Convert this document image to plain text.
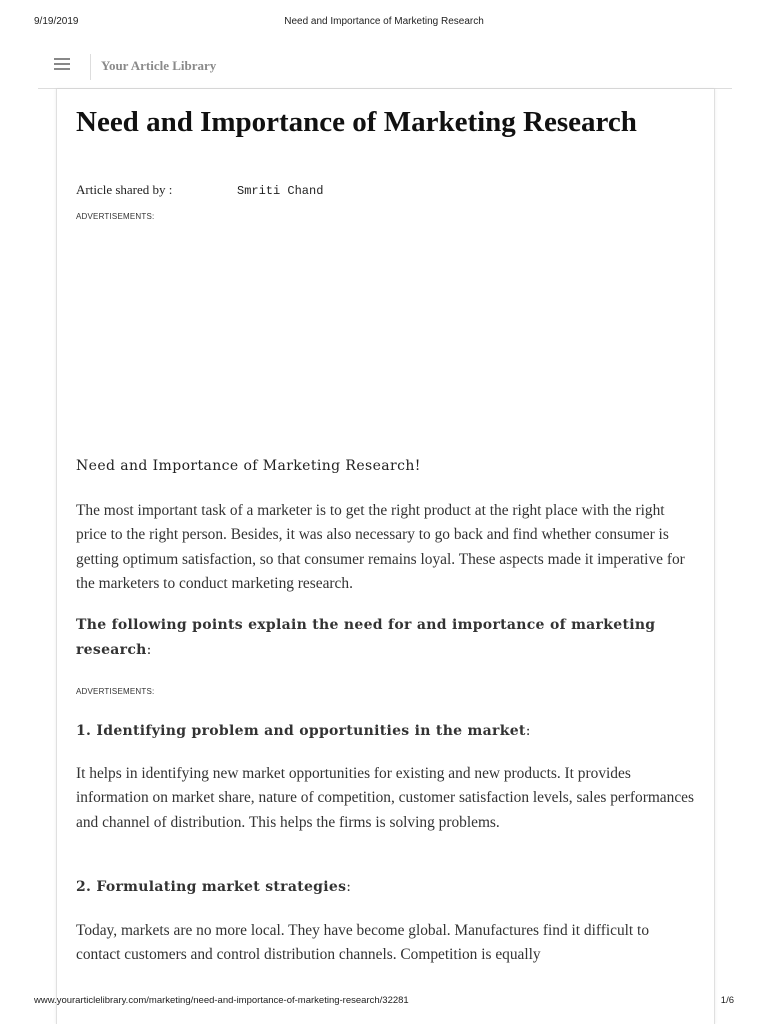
9/19/2019	Need and Importance of Marketing Research
Your Article Library
Need and Importance of Marketing Research
Article shared by :	Smriti Chand
ADVERTISEMENTS:
Need and Importance of Marketing Research!

The most important task of a marketer is to get the right product at the right place with the right price to the right person. Besides, it was also necessary to go back and find whether consumer is getting optimum satisfaction, so that consumer remains loyal. These aspects made it imperative for the marketers to conduct marketing research.

The following points explain the need for and importance of marketing research:
ADVERTISEMENTS:
1. Identifying problem and opportunities in the market:

It helps in identifying new market opportunities for existing and new products. It provides information on market share, nature of competition, customer satisfaction levels, sales performances and channel of distribution. This helps the firms is solving problems.

2. Formulating market strategies:

Today, markets are no more local. They have become global. Manufactures find it difficult to contact customers and control distribution channels. Competition is equally

www.yourarticlelibrary.com/marketing/need-and-importance-of-marketing-research/32281	1/6
